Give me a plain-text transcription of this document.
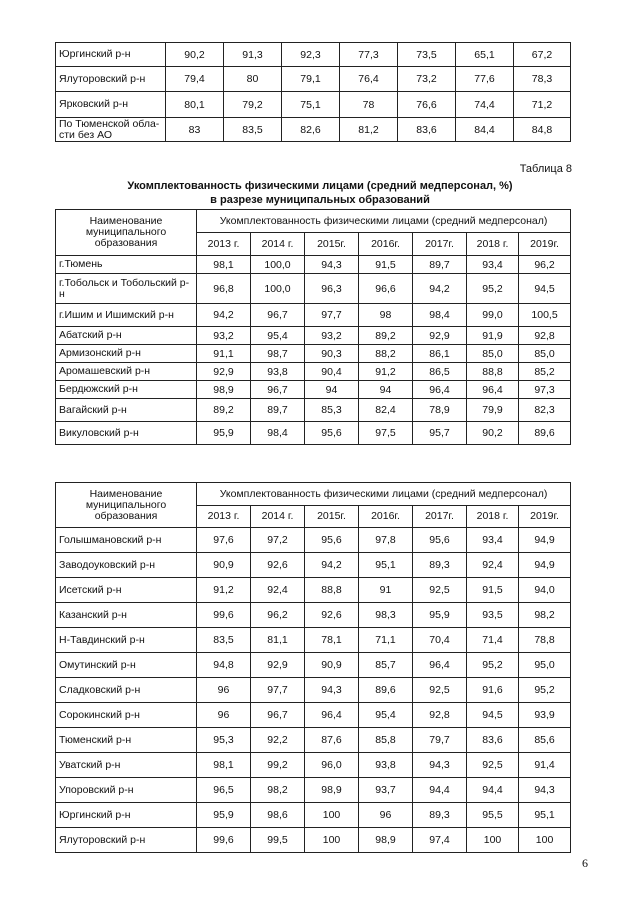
Юргинский р-н	90,2	91,3	92,3	77,3	73,5	65,1	67,2
Ялуторовский р-н	79,4	80	79,1	76,4	73,2	77,6	78,3
Ярковский р-н	80,1	79,2	75,1	78	76,6	74,4	71,2
По Тюменской обла-сти без АО	83	83,5	82,6	81,2	83,6	84,4	84,8
Таблица 8
Укомплектованность физическими лицами (средний медперсонал, %)
в разрезе муниципальных образований
Наименование муниципального образования	Укомплектованность физическими лицами (средний медперсонал)						
	2013 г.	2014 г.	2015г.	2016г.	2017г.	2018 г.	2019г.
г.Тюмень	98,1	100,0	94,3	91,5	89,7	93,4	96,2
г.Тобольск и Тобольский р-н	96,8	100,0	96,3	96,6	94,2	95,2	94,5
г.Ишим и Ишимский р-н	94,2	96,7	97,7	98	98,4	99,0	100,5
Абатский р-н	93,2	95,4	93,2	89,2	92,9	91,9	92,8
Армизонский р-н	91,1	98,7	90,3	88,2	86,1	85,0	85,0
Аромашевский р-н	92,9	93,8	90,4	91,2	86,5	88,8	85,2
Бердюжский р-н	98,9	96,7	94	94	96,4	96,4	97,3
Вагайский р-н	89,2	89,7	85,3	82,4	78,9	79,9	82,3
Викуловский р-н	95,9	98,4	95,6	97,5	95,7	90,2	89,6
Наименование муниципального образования	Укомплектованность физическими лицами (средний медперсонал)						
	2013 г.	2014 г.	2015г.	2016г.	2017г.	2018 г.	2019г.
Голышмановский р-н	97,6	97,2	95,6	97,8	95,6	93,4	94,9
Заводоуковский р-н	90,9	92,6	94,2	95,1	89,3	92,4	94,9
Исетский р-н	91,2	92,4	88,8	91	92,5	91,5	94,0
Казанский р-н	99,6	96,2	92,6	98,3	95,9	93,5	98,2
Н-Тавдинский р-н	83,5	81,1	78,1	71,1	70,4	71,4	78,8
Омутинский р-н	94,8	92,9	90,9	85,7	96,4	95,2	95,0
Сладковский р-н	96	97,7	94,3	89,6	92,5	91,6	95,2
Сорокинский р-н	96	96,7	96,4	95,4	92,8	94,5	93,9
Тюменский р-н	95,3	92,2	87,6	85,8	79,7	83,6	85,6
Уватский р-н	98,1	99,2	96,0	93,8	94,3	92,5	91,4
Упоровский р-н	96,5	98,2	98,9	93,7	94,4	94,4	94,3
Юргинский р-н	95,9	98,6	100	96	89,3	95,5	95,1
Ялуторовский р-н	99,6	99,5	100	98,9	97,4	100	100
6
